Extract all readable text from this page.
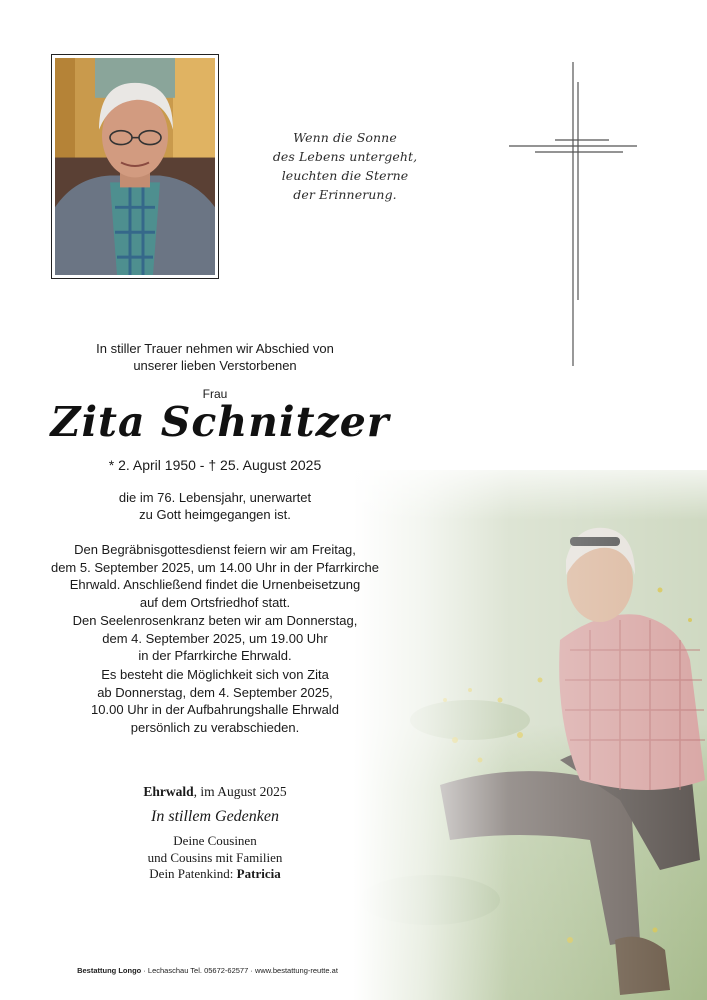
Wenn die Sonne
des Lebens untergeht,
leuchten die Sterne
der Erinnerung.
In stiller Trauer nehmen wir Abschied von
unserer lieben Verstorbenen
Frau
Zita Schnitzer
* 2. April 1950 - † 25. August 2025
die im 76. Lebensjahr, unerwartet
zu Gott heimgegangen ist.
Den Begräbnisgottesdienst feiern wir am Freitag,
dem 5. September 2025, um 14.00 Uhr in der Pfarrkirche
Ehrwald. Anschließend findet die Urnenbeisetzung
auf dem Ortsfriedhof statt.
Den Seelenrosenkranz beten wir am Donnerstag,
dem 4. September 2025, um 19.00 Uhr
in der Pfarrkirche Ehrwald.
Es besteht die Möglichkeit sich von Zita
ab Donnerstag, dem 4. September 2025,
10.00 Uhr in der Aufbahrungshalle Ehrwald
persönlich zu verabschieden.
Ehrwald, im August 2025
In stillem Gedenken
Deine Cousinen
und Cousins mit Familien
Dein Patenkind: Patricia
Bestattung Longo · Lechaschau Tel. 05672-62577 · www.bestattung-reutte.at
